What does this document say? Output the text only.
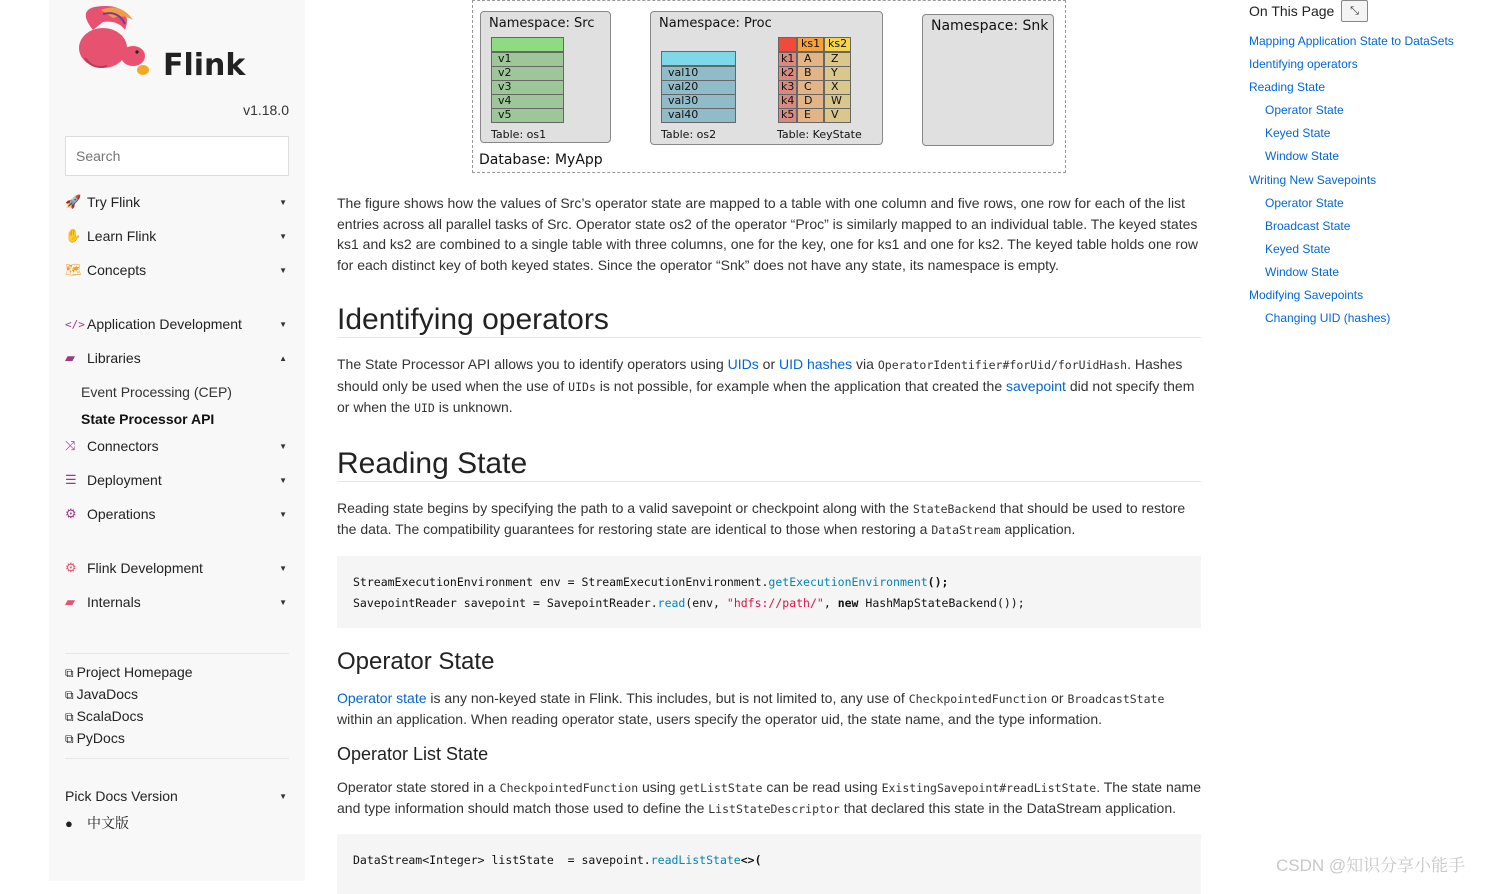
Flink
v1.18.0
Search
🚀 Try Flink	▼
✋ Learn Flink	▼
🗺 Concepts	▼
</> Application Development	▼
▰ Libraries	▲
Event Processing (CEP)
State Processor API
⤨ Connectors	▼
☰ Deployment	▼
⚙ Operations	▼
⚙ Flink Development	▼
▰ Internals	▼
⧉ Project Homepage
⧉ JavaDocs
⧉ ScalaDocs
⧉ PyDocs
Pick Docs Version	▼
●	中文版
Namespace: Src
v1
v2
v3
v4
v5
Table: os1
Namespace: Proc
val10
val20
val30
val40
Table: os2
ks1 ks2
k1 A	Z
k2 B	Y
k3 C	X
k4 D	W
k5 E	V
Table: KeyState
Namespace: Snk
Database: MyApp

The figure shows how the values of Src’s operator state are mapped to a table with one column and five rows, one row for each of the list entries across all parallel tasks of Src. Operator state os2 of the operator “Proc” is similarly mapped to an individual table. The keyed states ks1 and ks2 are combined to a single table with three columns, one for the key, one for ks1 and one for ks2. The keyed table holds one row for each distinct key of both keyed states. Since the operator “Snk” does not have any state, its namespace is empty.

Identifying operators

The State Processor API allows you to identify operators using UIDs or UID hashes via OperatorIdentifier#forUid/forUidHash. Hashes should only be used when the use of UIDs is not possible, for example when the application that created the savepoint did not specify them or when the UID is unknown.

Reading State

Reading state begins by specifying the path to a valid savepoint or checkpoint along with the StateBackend that should be used to restore the data. The compatibility guarantees for restoring state are identical to those when restoring a DataStream application.

StreamExecutionEnvironment env = StreamExecutionEnvironment.getExecutionEnvironment();
SavepointReader savepoint = SavepointReader.read(env, "hdfs://path/", new HashMapStateBackend());
Operator State

Operator state is any non-keyed state in Flink. This includes, but is not limited to, any use of CheckpointedFunction or BroadcastState within an application. When reading operator state, users specify the operator uid, the state name, and the type information.

Operator List State

Operator state stored in a CheckpointedFunction using getListState can be read using ExistingSavepoint#readListState. The state name and type information should match those used to define the ListStateDescriptor that declared this state in the DataStream application.

DataStream<Integer> listState  = savepoint.readListState<>(
On This Page	⤡
Mapping Application State to DataSets
Identifying operators
Reading State
Operator State
Keyed State
Window State
Writing New Savepoints
Operator State
Broadcast State
Keyed State
Window State
Modifying Savepoints
Changing UID (hashes)
CSDN @知识分享小能手
